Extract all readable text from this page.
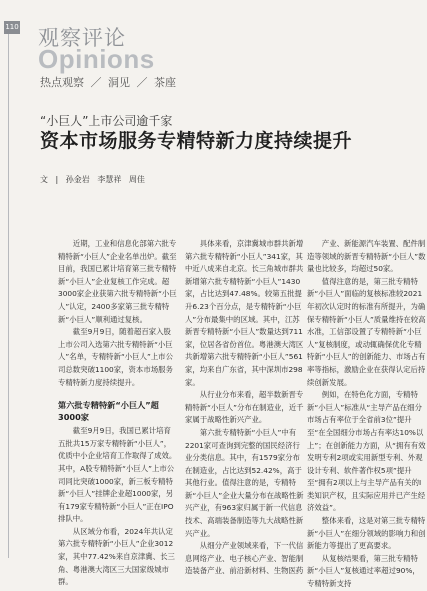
110 观察评论
Opinions
热点观察 ／ 洞见 ／ 茶座
“小巨人”上市公司逾千家
资本市场服务专精特新力度持续提升
文 | 孙金岩 李慧祥 周佳

近期，工业和信息化部第六批专精特新“小巨人”企业名单出炉。截至目前，我国已累计培育第三批专精特新“小巨人”企业复核工作完成。超3000家企业获第六批专精特新“小巨人”认定，2400多家第三批专精特新“小巨人”顺利通过复核。

截至9月9日，随着超百家入股上市公司入选第六批专精特新“小巨人”名单，专精特新“小巨人”上市公司总数突破1100家，资本市场服务专精特新力度持续提升。

第六批专精特新“小巨人”超3000家

截至9月9日，我国已累计培育五批共15万家专精特新“小巨人”，优质中小企业培育工作取得了成效。其中，A股专精特新“小巨人”上市公司同比突破1000家，新三板专精特新“小巨人”挂牌企业超1000家，另有179家专精特新“小巨人”正在IPO排队中。

从区域分布看，2024年共认定第六批专精特新“小巨人”企业3012家，其中77.42%来自京津冀、长三角、粤港澳大湾区三大国家级城市群。

具体来看，京津冀城市群共新增第六批专精特新“小巨人”341家，其中近八成来自北京。长三角城市群共新增第六批专精特新“小巨人”1430家，占比达到47.48%。较第五批提升6.23个百分点，是专精特新“小巨人”分布最集中的区域。其中，江苏新晋专精特新“小巨人”数量达到711家，位居各省份首位。粤港澳大湾区共新增第六批专精特新“小巨人”561家，均来自广东省，其中深圳市298家。

从行业分布来看，超半数新晋专精特新“小巨人”分布在制造业，近千家属于战略性新兴产业。

第六批专精特新“小巨人”中有2201家可查询到完整的国民经济行业分类信息。其中，有1579家分布在制造业，占比达到52.42%，高于其他行业。值得注意的是，专精特新“小巨人”企业大量分布在战略性新兴产业，有963家归属于新一代信息技术、高端装备制造等九大战略性新兴产业。

从细分产业领域来看，下一代信息网络产业、电子核心产业、智能制造装备产业、前沿新材料、生物医药

产业、新能源汽车装置、配件制造等领域的新晋专精特新“小巨人”数量也比较多，均超过50家。

值得注意的是，第三批专精特新“小巨人”面临的复核标准较2021年初次认定时的标准有所提升，为确保专精特新“小巨人”质量维持在较高水准，工信部设置了专精特新“小巨人”复核制度，或动辄确保优化专精特新“小巨人”的创新能力、市场占有率等指标，激励企业在获得认定后持续创新发展。

例如，在特色化方面，专精特新“小巨人”标准从“主导产品在细分市场占有率位于全省前3位”提升至“在全国细分市场占有率达10%以上”；在创新能力方面，从“拥有有效发明专利2项或实用新型专利、外观设计专利、软件著作权5项”提升至“拥有2项以上与主导产品有关的Ⅰ类知识产权，且实际应用并已产生经济效益”。

整体来看，这是对第三批专精特新“小巨人”在细分领域的影响力和创新能力等提出了更高要求。

从复核结果看，第三批专精特新“小巨人”复核通过率超过90%，专精特新支持
